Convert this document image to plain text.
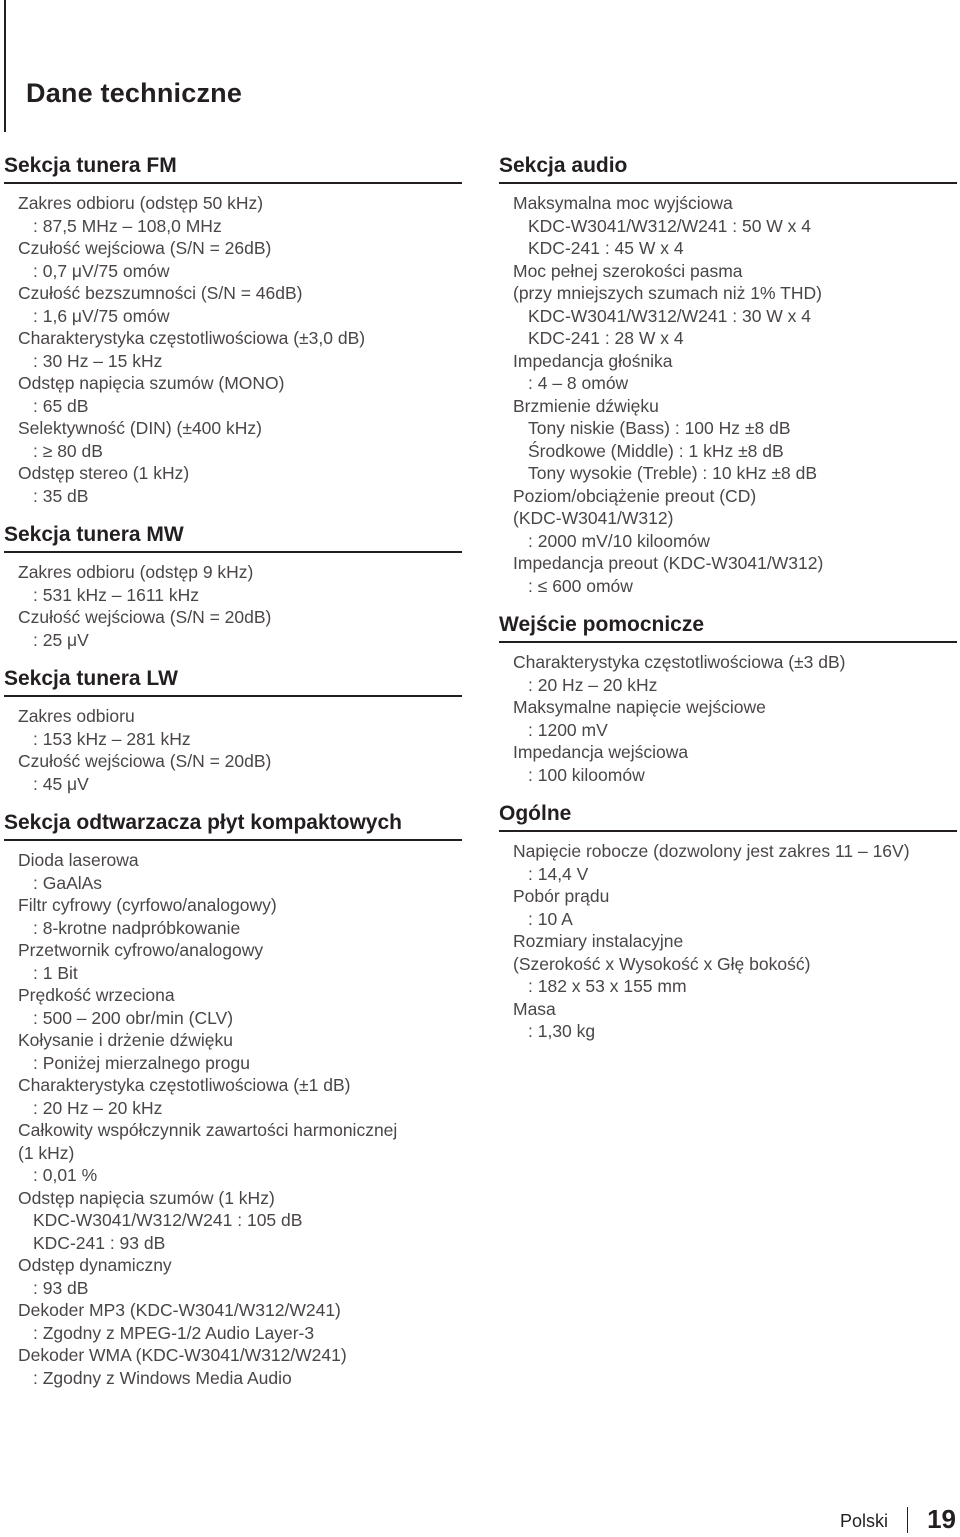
Dane techniczne
Sekcja tunera FM
Zakres odbioru (odstęp 50 kHz)
: 87,5 MHz – 108,0 MHz
Czułość wejściowa (S/N = 26dB)
: 0,7 μV/75 omów
Czułość bezszumności (S/N = 46dB)
: 1,6 μV/75 omów
Charakterystyka częstotliwościowa (±3,0 dB)
: 30 Hz – 15 kHz
Odstęp napięcia szumów (MONO)
: 65 dB
Selektywność (DIN) (±400 kHz)
: ≥ 80 dB
Odstęp stereo (1 kHz)
: 35 dB
Sekcja tunera MW
Zakres odbioru (odstęp 9 kHz)
: 531 kHz – 1611 kHz
Czułość wejściowa (S/N = 20dB)
: 25 μV
Sekcja tunera LW
Zakres odbioru
: 153 kHz – 281 kHz
Czułość wejściowa (S/N = 20dB)
: 45 μV
Sekcja odtwarzacza płyt kompaktowych
Dioda laserowa
: GaAlAs
Filtr cyfrowy (cyrfowo/analogowy)
: 8-krotne nadpróbkowanie
Przetwornik cyfrowo/analogowy
: 1 Bit
Prędkość wrzeciona
: 500 – 200 obr/min (CLV)
Kołysanie i drżenie dźwięku
: Poniżej mierzalnego progu
Charakterystyka częstotliwościowa (±1 dB)
: 20 Hz – 20 kHz
Całkowity współczynnik zawartości harmonicznej
(1 kHz)
: 0,01 %
Odstęp napięcia szumów (1 kHz)
KDC-W3041/W312/W241 : 105 dB
KDC-241 : 93 dB
Odstęp dynamiczny
: 93 dB
Dekoder MP3 (KDC-W3041/W312/W241)
: Zgodny z MPEG-1/2 Audio Layer-3
Dekoder WMA (KDC-W3041/W312/W241)
: Zgodny z Windows Media Audio
Sekcja audio
Maksymalna moc wyjściowa
KDC-W3041/W312/W241 : 50 W x 4
KDC-241 : 45 W x 4
Moc pełnej szerokości pasma
(przy mniejszych szumach niż 1% THD)
KDC-W3041/W312/W241 : 30 W x 4
KDC-241 : 28 W x 4
Impedancja głośnika
: 4 – 8 omów
Brzmienie dźwięku
Tony niskie (Bass) : 100 Hz ±8 dB
Środkowe (Middle) : 1 kHz ±8 dB
Tony wysokie (Treble) : 10 kHz ±8 dB
Poziom/obciążenie preout (CD)
(KDC-W3041/W312)
: 2000 mV/10 kiloomów
Impedancja preout (KDC-W3041/W312)
: ≤ 600 omów
Wejście pomocnicze
Charakterystyka częstotliwościowa (±3 dB)
: 20 Hz – 20 kHz
Maksymalne napięcie wejściowe
: 1200 mV
Impedancja wejściowa
: 100 kiloomów
Ogólne
Napięcie robocze (dozwolony jest zakres 11 – 16V)
: 14,4 V
Pobór prądu
: 10 A
Rozmiary instalacyjne
(Szerokość x Wysokość x Głę bokość)
: 182 x 53 x 155 mm
Masa
: 1,30 kg
Polski 19
